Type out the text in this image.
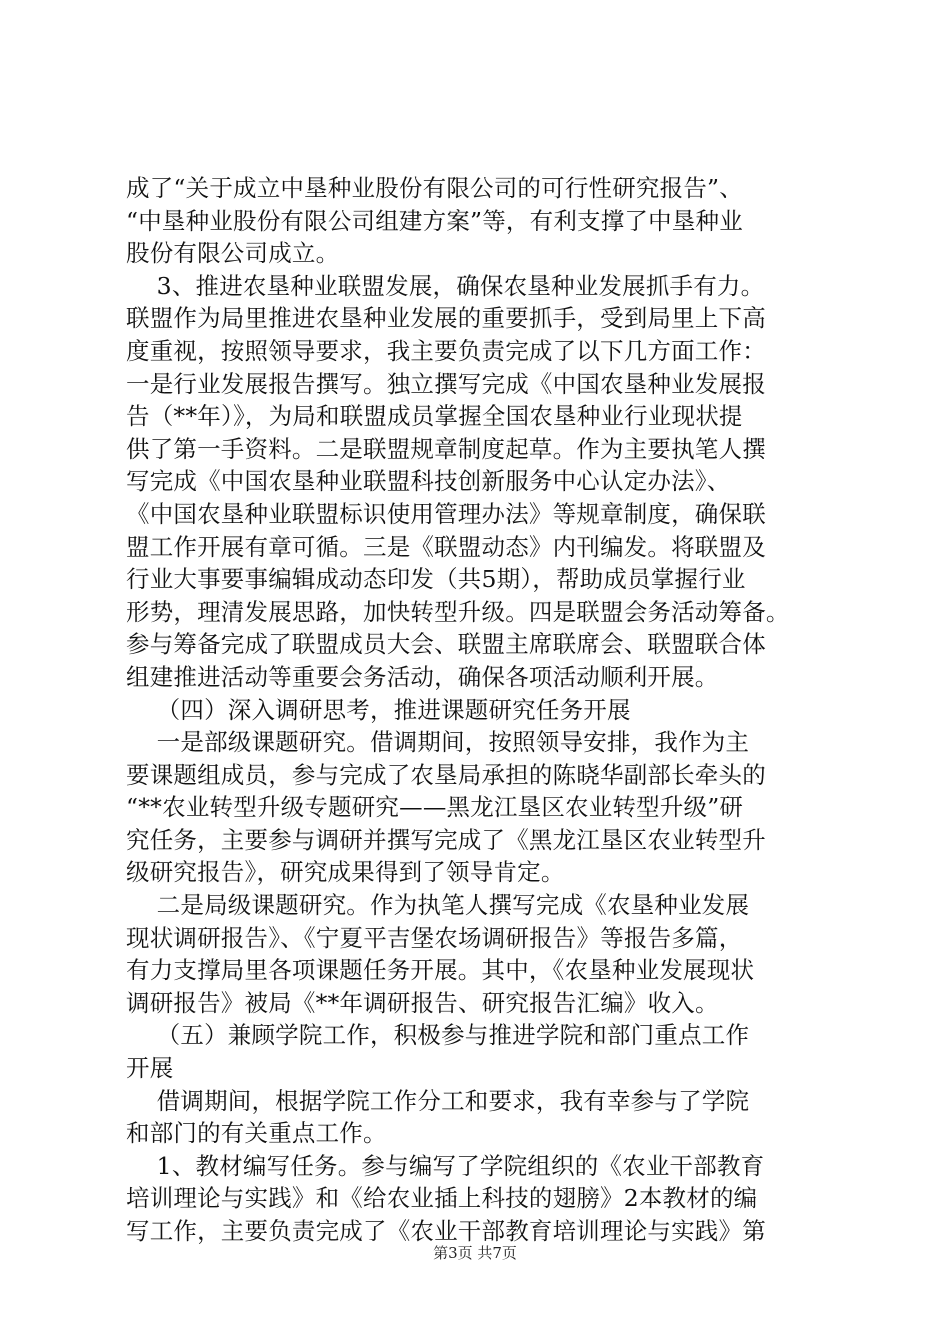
成了“关于成立中垦种业股份有限公司的可行性研究报告”、
“中垦种业股份有限公司组建方案”等，有利支撑了中垦种业
股份有限公司成立。
3、推进农垦种业联盟发展，确保农垦种业发展抓手有力。
联盟作为局里推进农垦种业发展的重要抓手，受到局里上下高
度重视，按照领导要求，我主要负责完成了以下几方面工作：
一是行业发展报告撰写。独立撰写完成《中国农垦种业发展报
告（**年）》，为局和联盟成员掌握全国农垦种业行业现状提
供了第一手资料。二是联盟规章制度起草。作为主要执笔人撰
写完成《中国农垦种业联盟科技创新服务中心认定办法》、
《中国农垦种业联盟标识使用管理办法》等规章制度，确保联
盟工作开展有章可循。三是《联盟动态》内刊编发。将联盟及
行业大事要事编辑成动态印发（共5期），帮助成员掌握行业
形势，理清发展思路，加快转型升级。四是联盟会务活动筹备。
参与筹备完成了联盟成员大会、联盟主席联席会、联盟联合体
组建推进活动等重要会务活动，确保各项活动顺利开展。
（四）深入调研思考，推进课题研究任务开展
一是部级课题研究。借调期间，按照领导安排，我作为主
要课题组成员，参与完成了农垦局承担的陈晓华副部长牵头的
“**农业转型升级专题研究——黑龙江垦区农业转型升级”研
究任务，主要参与调研并撰写完成了《黑龙江垦区农业转型升
级研究报告》，研究成果得到了领导肯定。
二是局级课题研究。作为执笔人撰写完成《农垦种业发展
现状调研报告》、《宁夏平吉堡农场调研报告》等报告多篇，
有力支撑局里各项课题任务开展。其中，《农垦种业发展现状
调研报告》被局《**年调研报告、研究报告汇编》收入。
（五）兼顾学院工作，积极参与推进学院和部门重点工作
开展
借调期间，根据学院工作分工和要求，我有幸参与了学院
和部门的有关重点工作。
1、教材编写任务。参与编写了学院组织的《农业干部教育
培训理论与实践》和《给农业插上科技的翅膀》2本教材的编
写工作，主要负责完成了《农业干部教育培训理论与实践》第
第3页 共7页
